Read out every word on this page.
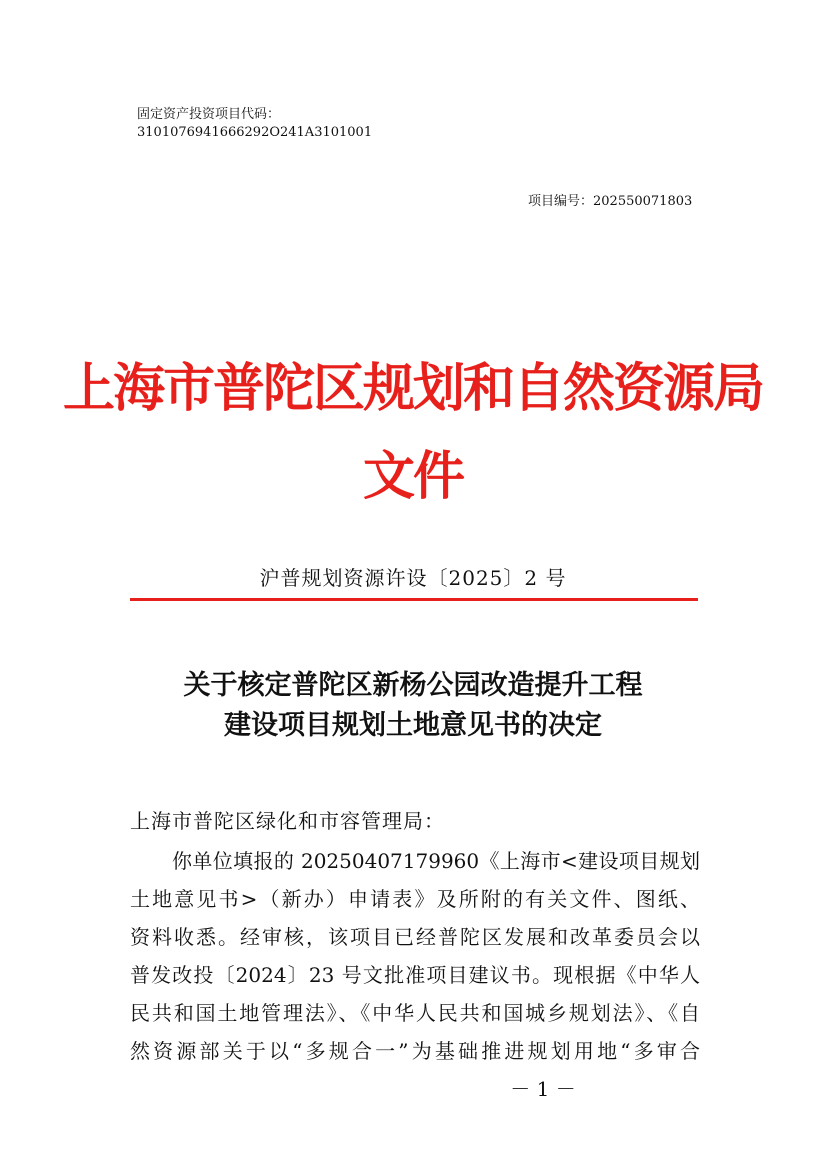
固定资产投资项目代码：
3101076941666292O241A3101001
项目编号：202550071803
上海市普陀区规划和自然资源局
文件
沪普规划资源许设〔2025〕2 号
关于核定普陀区新杨公园改造提升工程
建设项目规划土地意见书的决定
上海市普陀区绿化和市容管理局：
你单位填报的 20250407179960《上海市<建设项目规划
土地意见书>（新办）申请表》及所附的有关文件、图纸、
资料收悉。经审核，该项目已经普陀区发展和改革委员会以
普发改投〔2024〕23 号文批准项目建议书。现根据《中华人
民共和国土地管理法》、《中华人民共和国城乡规划法》、《自
然资源部关于以“多规合一”为基础推进规划用地“多审合
－ 1 －
